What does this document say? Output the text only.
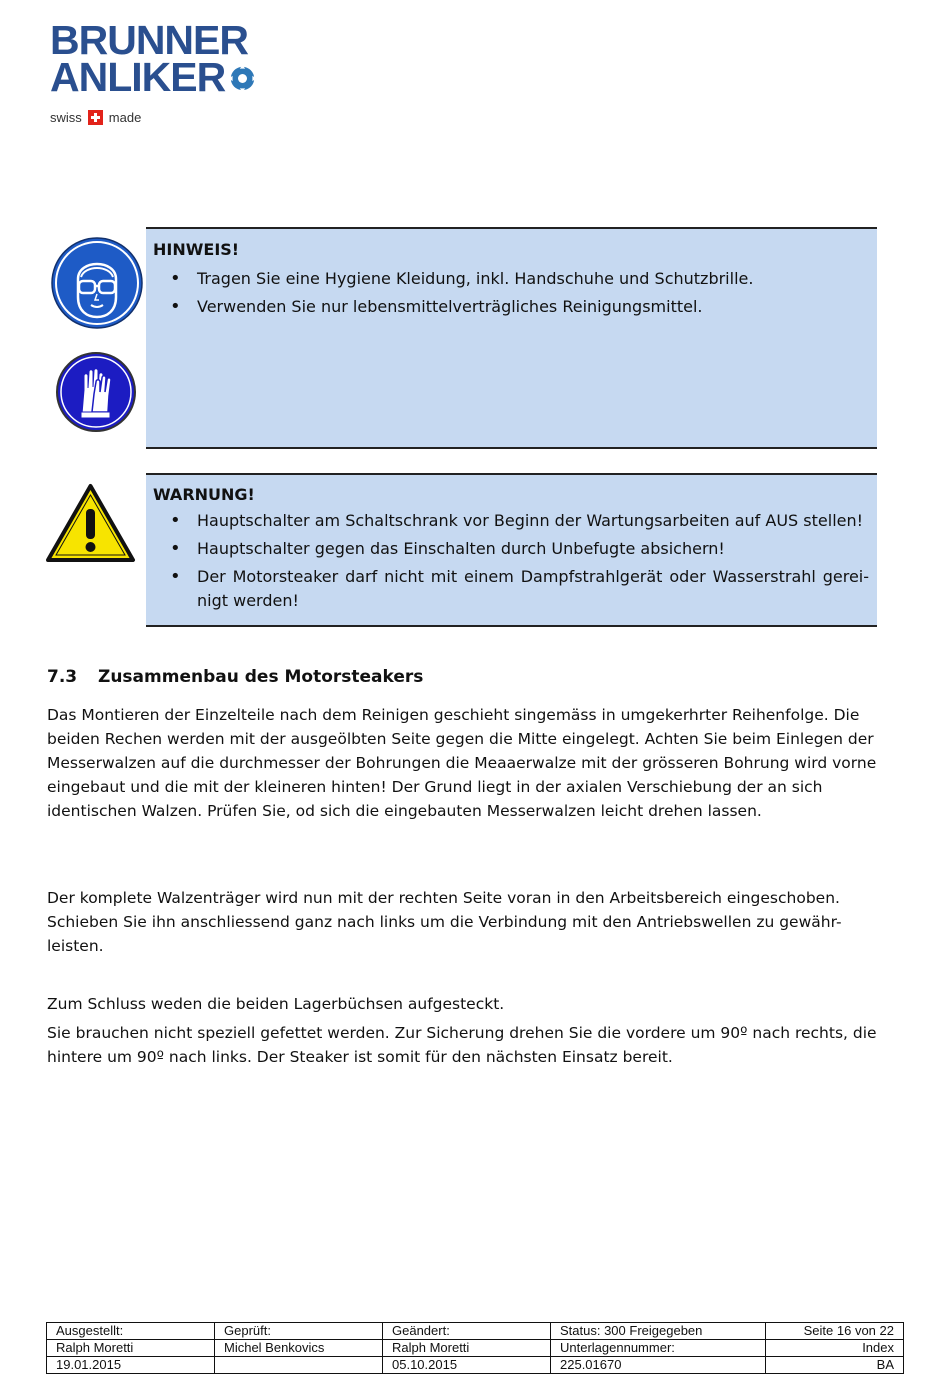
BRUNNER
ANLIKER
swiss made
HINWEIS!
• Tragen Sie eine Hygiene Kleidung, inkl. Handschuhe und Schutzbrille.
• Verwenden Sie nur lebensmittelverträgliches Reinigungsmittel.
WARNUNG!
• Hauptschalter am Schaltschrank vor Beginn der Wartungsarbeiten auf AUS stellen!
• Hauptschalter gegen das Einschalten durch Unbefugte absichern!
• Der Motorsteaker darf nicht mit einem Dampfstrahlgerät oder Wasserstrahl gerei-nigt werden!
7.3 Zusammenbau des Motorsteakers

Das Montieren der Einzelteile nach dem Reinigen geschieht singemäss in umgekerhrter Reihenfolge. Die beiden Rechen werden mit der ausgeölbten Seite gegen die Mitte eingelegt. Achten Sie beim Einlegen der Messerwalzen auf die durchmesser der Bohrungen die Meaaerwalze mit der grösseren Bohrung wird vorne eingebaut und die mit der kleineren hinten! Der Grund liegt in der axialen Verschiebung der an sich identischen Walzen. Prüfen Sie, od sich die eingebauten Messerwalzen leicht drehen lassen.

Der komplete Walzenträger wird nun mit der rechten Seite voran in den Arbeitsbereich eingeschoben. Schieben Sie ihn anschliessend ganz nach links um die Verbindung mit den Antriebswellen zu gewähr-leisten.

Zum Schluss weden die beiden Lagerbüchsen aufgesteckt.

Sie brauchen nicht speziell gefettet werden. Zur Sicherung drehen Sie die vordere um 90º nach rechts, die hintere um 90º nach links. Der Steaker ist somit für den nächsten Einsatz bereit.

Ausgestellt:	Geprüft:	Geändert:	Status: 300 Freigegeben	Seite 16 von 22
Ralph Moretti	Michel Benkovics	Ralph Moretti	Unterlagennummer:	Index
19.01.2015		05.10.2015	225.01670	BA
